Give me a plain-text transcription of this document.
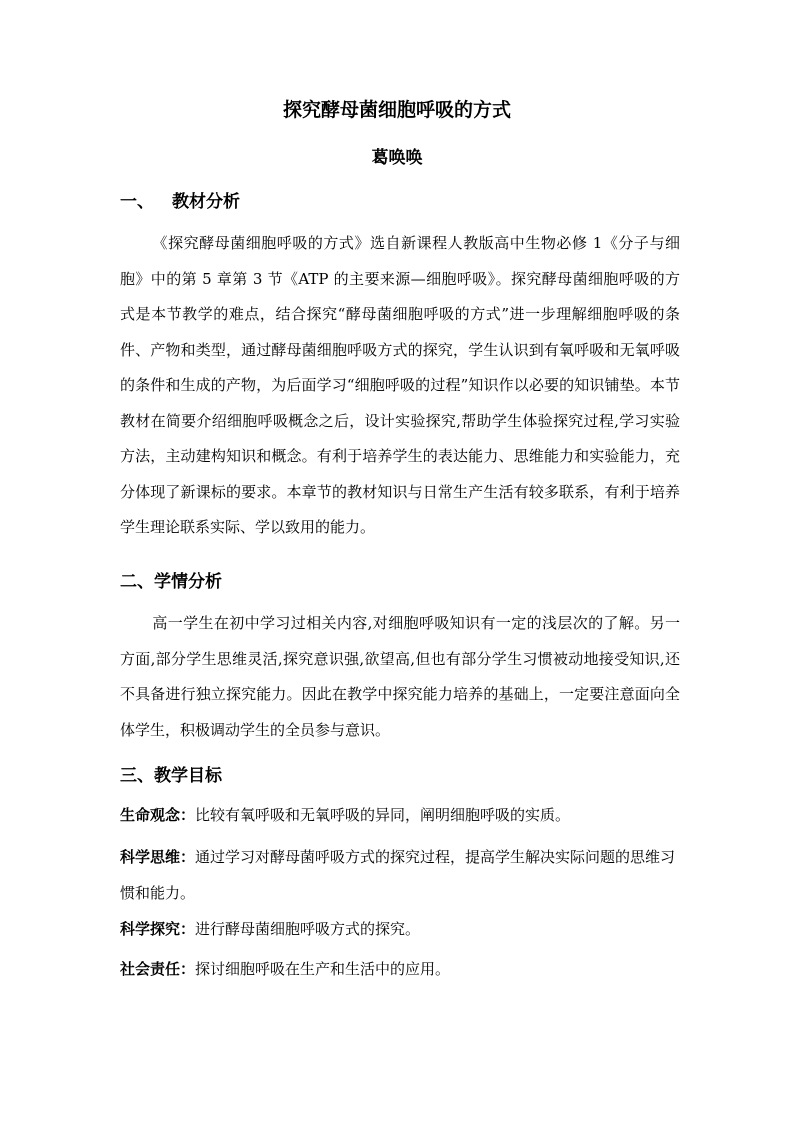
探究酵母菌细胞呼吸的方式
葛唤唤
一、 教材分析
《探究酵母菌细胞呼吸的方式》选自新课程人教版高中生物必修 1《分子与细胞》中的第 5 章第 3 节《ATP 的主要来源—细胞呼吸》。探究酵母菌细胞呼吸的方式是本节教学的难点，结合探究“酵母菌细胞呼吸的方式”进一步理解细胞呼吸的条件、产物和类型，通过酵母菌细胞呼吸方式的探究，学生认识到有氧呼吸和无氧呼吸的条件和生成的产物，为后面学习“细胞呼吸的过程”知识作以必要的知识铺垫。本节教材在简要介绍细胞呼吸概念之后，设计实验探究,帮助学生体验探究过程,学习实验方法，主动建构知识和概念。有利于培养学生的表达能力、思维能力和实验能力，充分体现了新课标的要求。本章节的教材知识与日常生产生活有较多联系，有利于培养学生理论联系实际、学以致用的能力。
二、学情分析
高一学生在初中学习过相关内容,对细胞呼吸知识有一定的浅层次的了解。另一方面,部分学生思维灵活,探究意识强,欲望高,但也有部分学生习惯被动地接受知识,还不具备进行独立探究能力。因此在教学中探究能力培养的基础上，一定要注意面向全体学生，积极调动学生的全员参与意识。
三、教学目标
生命观念：比较有氧呼吸和无氧呼吸的异同，阐明细胞呼吸的实质。
科学思维：通过学习对酵母菌呼吸方式的探究过程，提高学生解决实际问题的思维习惯和能力。
科学探究：进行酵母菌细胞呼吸方式的探究。
社会责任：探讨细胞呼吸在生产和生活中的应用。
